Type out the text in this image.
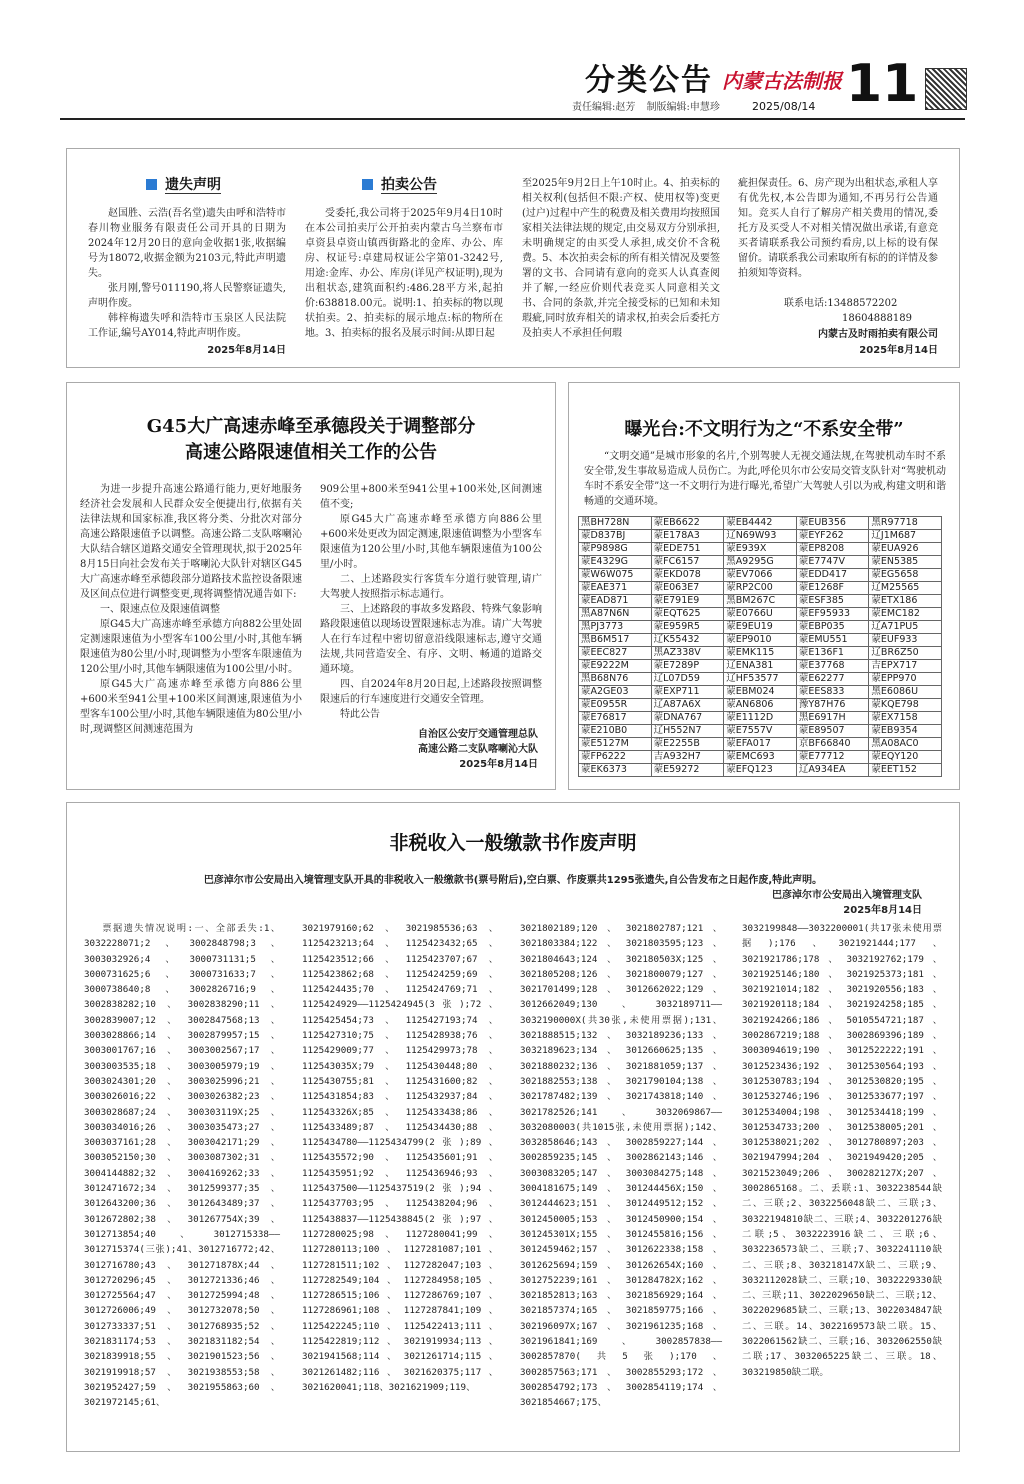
分类公告 内蒙古法制报 11
责任编辑:赵芳 制版编辑:申慧珍	2025/08/14
遗失声明

赵国胜、云浩(吾名堂)遗失由呼和浩特市春川物业服务有限责任公司开具的日期为2024年12月20日的意向金收据1张,收据编号为18072,收据金额为2103元,特此声明遗失。

张月刚,警号011190,将人民警察证遗失,声明作废。

韩梓梅遗失呼和浩特市玉泉区人民法院工作证,编号AY014,特此声明作废。

2025年8月14日
拍卖公告

受委托,我公司将于2025年9月4日10时在本公司拍卖厅公开拍卖内蒙古乌兰察布市卓资县卓资山镇西街路北的金库、办公、库房、权证号:卓建局权证公字第01-3242号,用途:金库、办公、库房(详见产权证明),现为出租状态,建筑面积约:486.28平方米,起拍价:638818.00元。说明:1、拍卖标的物以现状拍卖。2、拍卖标的展示地点:标的物所在地。3、拍卖标的报名及展示时间:从即日起

至2025年9月2日上午10时止。4、拍卖标的相关权利(包括但不限:产权、使用权等)变更(过户)过程中产生的税费及相关费用均按照国家相关法律法规的规定,由交易双方分别承担,未明确规定的由买受人承担,成交价不含税费。5、本次拍卖会标的所有相关情况及要签署的文书、合同请有意向的竞买人认真查阅并了解,一经应价则代表竞买人同意相关文书、合同的条款,并完全接受标的已知和未知瑕疵,同时放弃相关的请求权,拍卖会后委托方及拍卖人不承担任何瑕

疵担保责任。6、房产现为出租状态,承租人享有优先权,本公告即为通知,不再另行公告通知。竞买人自行了解房产相关费用的情况,委托方及买受人不对相关情况做出承诺,有意竞买者请联系我公司预约看房,以上标的设有保留价。请联系我公司索取所有标的的详情及参拍须知等资料。

联系电话:13488572202
18604888189
内蒙古及时雨拍卖有限公司
2025年8月14日
G45大广高速赤峰至承德段关于调整部分
高速公路限速值相关工作的公告

为进一步提升高速公路通行能力,更好地服务经济社会发展和人民群众安全便捷出行,依据有关法律法规和国家标准,我区将分类、分批次对部分高速公路限速值予以调整。高速公路二支队喀喇沁大队结合辖区道路交通安全管理现状,拟于2025年8月15日向社会发布关于喀喇沁大队针对辖区G45大广高速赤峰至承德段部分道路技术监控设备限速及区间点位进行调整变更,现将调整情况通告如下:

一、限速点位及限速值调整

原G45大广高速赤峰至承德方向882公里处固定测速限速值为小型客车100公里/小时,其他车辆限速值为80公里/小时,现调整为小型客车限速值为120公里/小时,其他车辆限速值为100公里/小时。

原G45大广高速赤峰至承德方向886公里+600米至941公里+100米区间测速,限速值为小型客车100公里/小时,其他车辆限速值为80公里/小时,现调整区间测速范围为

909公里+800米至941公里+100米处,区间测速值不变;

原G45大广高速赤峰至承德方向886公里+600米处更改为固定测速,限速值调整为小型客车限速值为120公里/小时,其他车辆限速值为100公里/小时。

二、上述路段实行客货车分道行驶管理,请广大驾驶人按照指示标志通行。

三、上述路段的事故多发路段、特殊气象影响路段限速值以现场设置限速标志为准。请广大驾驶人在行车过程中密切留意沿线限速标志,遵守交通法规,共同营造安全、有序、文明、畅通的道路交通环境。

四、自2024年8月20日起,上述路段按照调整限速后的行车速度进行交通安全管理。

特此公告

自治区公安厅交通管理总队
高速公路二支队喀喇沁大队
2025年8月14日
曝光台:不文明行为之“不系安全带”

“文明交通”是城市形象的名片,个别驾驶人无视交通法规,在驾驶机动车时不系安全带,发生事故易造成人员伤亡。为此,呼伦贝尔市公安局交管支队针对“驾驶机动车时不系安全带”这一不文明行为进行曝光,希望广大驾驶人引以为戒,构建文明和谐畅通的交通环境。

黑BH728N	蒙EB6622	蒙EB4442	蒙EUB356	黑R97718
蒙D837BJ	蒙E178A3	辽N69W93	蒙EYF262	辽J1M687
蒙P9898G	蒙EDE751	蒙E939X	蒙EP8208	蒙EUA926
蒙E4329G	蒙FC6157	黑A9295G	蒙E7747V	蒙EN5385
蒙W6W075	蒙EKD078	蒙EV7066	蒙EDD417	蒙EG5658
蒙EAE371	蒙E063E7	蒙RP2C00	蒙E1268F	辽M25565
蒙EAD871	蒙E791E9	黑BM267C	蒙ESF385	蒙ETX186
黑A87N6N	蒙EQT625	蒙E0766U	蒙EF95933	蒙EMC182
黑PJ3773	蒙E959R5	蒙E9EU19	蒙EBP035	辽A71PU5
黑B6M517	辽K55432	蒙EP9010	蒙EMU551	蒙EUF933
蒙EEC827	黑AZ338V	蒙EMK115	蒙E136F1	辽BR6Z50
蒙E9222M	蒙E7289P	辽ENA381	蒙E37768	吉EPX717
黑B68N76	辽L07D59	辽HF53577	蒙E62277	蒙EPP970
蒙A2GE03	蒙EXP711	蒙EBM024	蒙EES833	黑E6086U
蒙E0955R	辽A87A6X	蒙AN6806	豫Y87H76	蒙KQE798
蒙E76817	蒙DNA767	蒙E1112D	黑E6917H	蒙EX7158
蒙E210B0	辽H552N7	蒙E7557V	蒙E89507	蒙EB9354
蒙E5127M	蒙E2255B	蒙EFA017	京BF66840	黑A08AC0
蒙FP6222	吉A932H7	蒙EMC693	蒙E77712	蒙EQY120
蒙EK6373	蒙E59272	蒙EFQ123	辽A934EA	蒙EET152
非税收入一般缴款书作废声明
巴彦淖尔市公安局出入境管理支队开具的非税收入一般缴款书(票号附后),空白票、作废票共1295张遗失,自公告发布之日起作废,特此声明。
巴彦淖尔市公安局出入境管理支队
2025年8月14日

票据遗失情况说明:一、全部丢失:1、3032228071;2、3002848798;3、3003032926;4、3000731131;5、3000731625;6、3000731633;7、3000738640;8、3002826716;9、3002838282;10、3002838290;11、3002839007;12、3002847568;13、3003028866;14、3002879957;15、3003001767;16、3003002567;17、3003003535;18、3003005979;19、3003024301;20、3003025996;21、3003026016;22、3003026382;23、3003028687;24、300303119X;25、3003034016;26、3003035473;27、3003037161;28、3003042171;29、3003052150;30、3003087302;31、3004144882;32、3004169262;33、3012471672;34、3012599377;35、3012643200;36、3012643489;37、3012672802;38、301267754X;39、3012713854;40、3012715338——3012715374(三张);41、3012716772;42、3012716780;43、301271878X;44、3012720296;45、3012721336;46、3012725564;47、3012725994;48、3012726006;49、3012732078;50、3012733337;51、3012768935;52、3021831174;53、3021831182;54、3021839918;55、3021901523;56、3021919918;57、3021938553;58、3021952427;59、3021955863;60、3021972145;61、

3021979160;62、3021985536;63、1125423213;64、1125423432;65、1125423512;66、1125423707;67、1125423862;68、1125424259;69、1125424435;70、1125424769;71、1125424929——1125424945(3张);72、1125425454;73、1125427193;74、1125427310;75、1125428938;76、1125429009;77、1125429973;78、112543035X;79、1125430448;80、1125430755;81、1125431600;82、1125431854;83、1125432937;84、112543326X;85、1125433438;86、1125433489;87、1125434430;88、1125434780——1125434799(2张);89、1125435572;90、1125435601;91、1125435951;92、1125436946;93、1125437500——1125437519(2张);94、1125437703;95、1125438204;96、1125438837——1125438845(2张);97、1127280025;98、1127280041;99、1127280113;100、1127281087;101、1127281511;102、1127282047;103、1127282549;104、1127284958;105、1127286515;106、1127286769;107、1127286961;108、1127287841;109、1125422245;110、1125422413;111、1125422819;112、3021919934;113、3021941568;114、3021261714;115、3021261482;116、3021620375;117、3021620041;118、3021621909;119、

3021802189;120、3021802787;121、3021803384;122、3021803595;123、3021804643;124、302180503X;125、3021805208;126、3021800079;127、3021701499;128、3012662022;129、3012662049;130、3032189711——3032190000X(共30张,未使用票据);131、3021888515;132、3032189236;133、3032189623;134、3012660625;135、3021880232;136、3021881059;137、3021882553;138、3021790104;138、3021787482;139、3021743818;140、3021782526;141、3032069867——3032080003(共1015张,未使用票据);142、3032858646;143、3002859227;144、3002859235;145、3002862143;146、3003083205;147、3003084275;148、3004181675;149、301244456X;150、3012444623;151、3012449512;152、3012450005;153、3012450900;154、301245301X;155、3012455816;156、3012459462;157、3012622338;158、3012625694;159、301262654X;160、3012752239;161、301284782X;162、3021852813;163、3021856929;164、3021857374;165、3021859775;166、302196097X;167、3021961235;168、3021961841;169、3002857838——3002857870(共5张);170、3002857563;171、3002855293;172、3002854792;173、3002854119;174、3021854667;175、

3032199848——3032200001(共17张未使用票据);176、3021921444;177、3021921786;178、3032192762;179、3021925146;180、3021925373;181、3021921014;182、3021920556;183、3021920118;184、3021924258;185、3021924266;186、5010554721;187、3002867219;188、3002869396;189、3003094619;190、3012522222;191、3012523436;192、3012530564;193、3012530783;194、3012530820;195、3012532746;196、3012533677;197、3012534004;198、3012534418;199、3012534733;200、3012538005;201、3012538021;202、3012780897;203、3021947994;204、3021949420;205、3021523049;206、300282127X;207、3002865168。二、丢联:1、3032238544缺二、三联;2、3032256048缺二、三联;3、30322194810缺二、三联;4、3032201276缺二联;5、3032223916缺二、三联;6、3032236573缺二、三联;7、3032241110缺二、三联;8、303218147X缺二、三联;9、3032112028缺二、三联;10、3032229330缺二、三联;11、3022029650缺二、三联;12、3022029685缺二、三联;13、3022034847缺二、三联。14、3022169573缺二联。15、3022061562缺二、三联;16、3032062550缺二联;17、3032065225缺二、三联。18、303219850缺二联。
